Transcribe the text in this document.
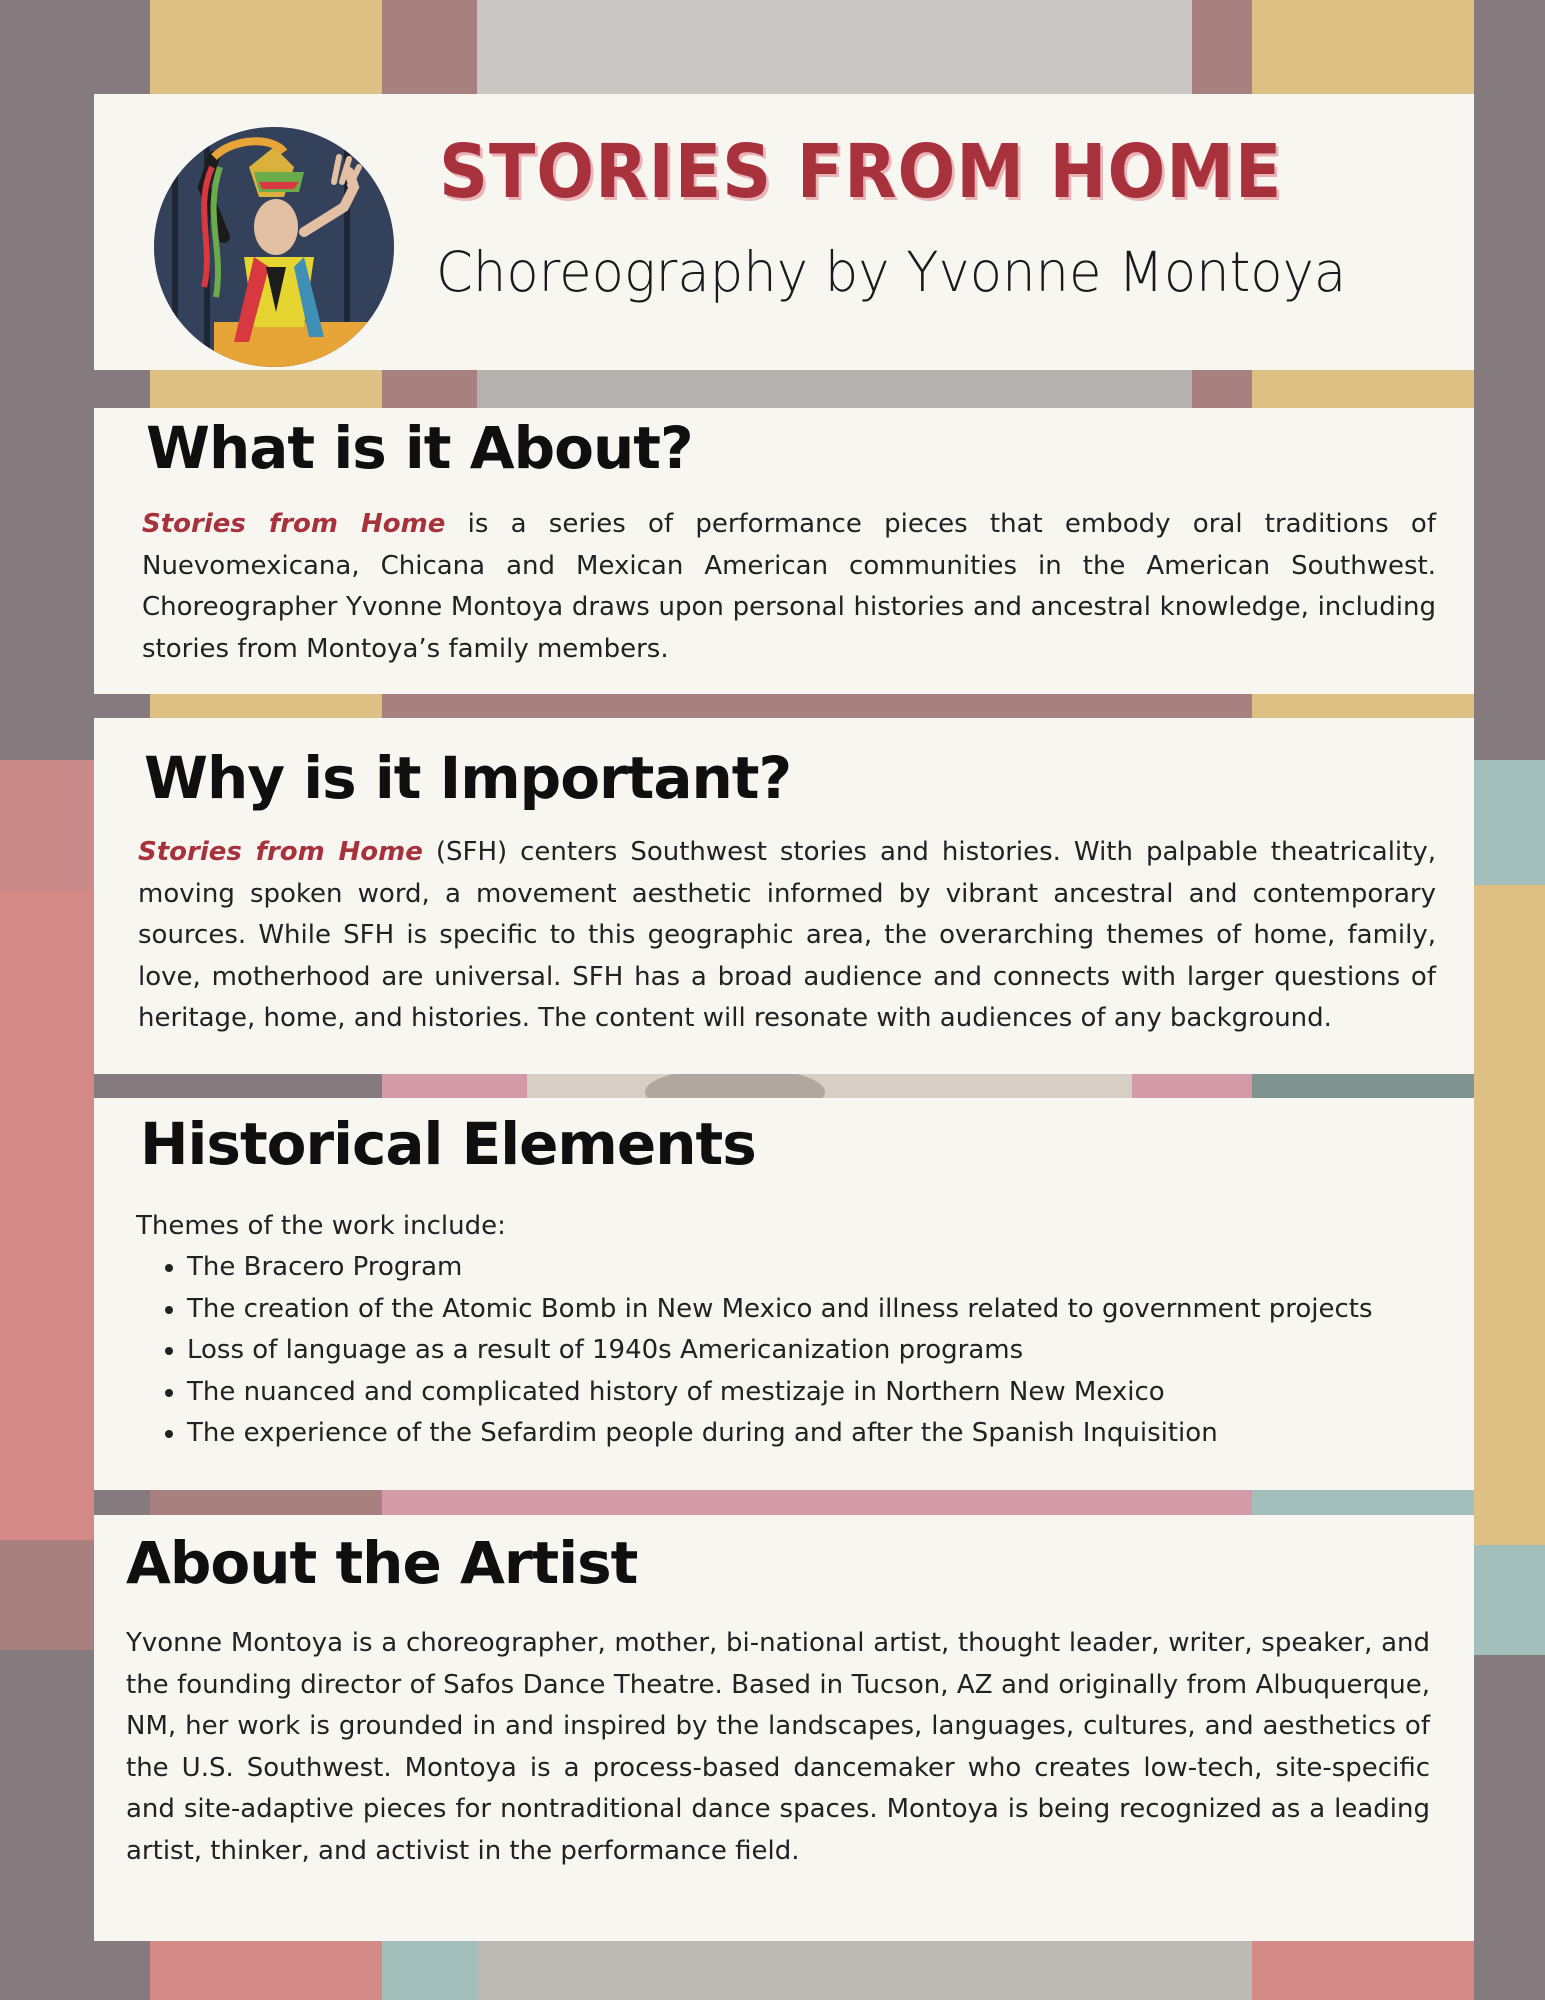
STORIES FROM HOME
Choreography by Yvonne Montoya
What is it About?

Stories from Home is a series of performance pieces that embody oral traditions of Nuevomexicana, Chicana and Mexican American communities in the American Southwest. Choreographer Yvonne Montoya draws upon personal histories and ancestral knowledge, including stories from Montoya’s family members.

Why is it Important?

Stories from Home (SFH) centers Southwest stories and histories. With palpable theatricality, moving spoken word, a movement aesthetic informed by vibrant ancestral and contemporary sources. While SFH is specific to this geographic area, the overarching themes of home, family, love, motherhood are universal. SFH has a broad audience and connects with larger questions of heritage, home, and histories. The content will resonate with audiences of any background.

Historical Elements
Themes of the work include:
• The Bracero Program
• The creation of the Atomic Bomb in New Mexico and illness related to government projects
• Loss of language as a result of 1940s Americanization programs
• The nuanced and complicated history of mestizaje in Northern New Mexico
• The experience of the Sefardim people during and after the Spanish Inquisition
About the Artist

Yvonne Montoya is a choreographer, mother, bi-national artist, thought leader, writer, speaker, and the founding director of Safos Dance Theatre. Based in Tucson, AZ and originally from Albuquerque, NM, her work is grounded in and inspired by the landscapes, languages, cultures, and aesthetics of the U.S. Southwest. Montoya is a process-based dancemaker who creates low-tech, site-specific and site-adaptive pieces for nontraditional dance spaces. Montoya is being recognized as a leading artist, thinker, and activist in the performance field.
